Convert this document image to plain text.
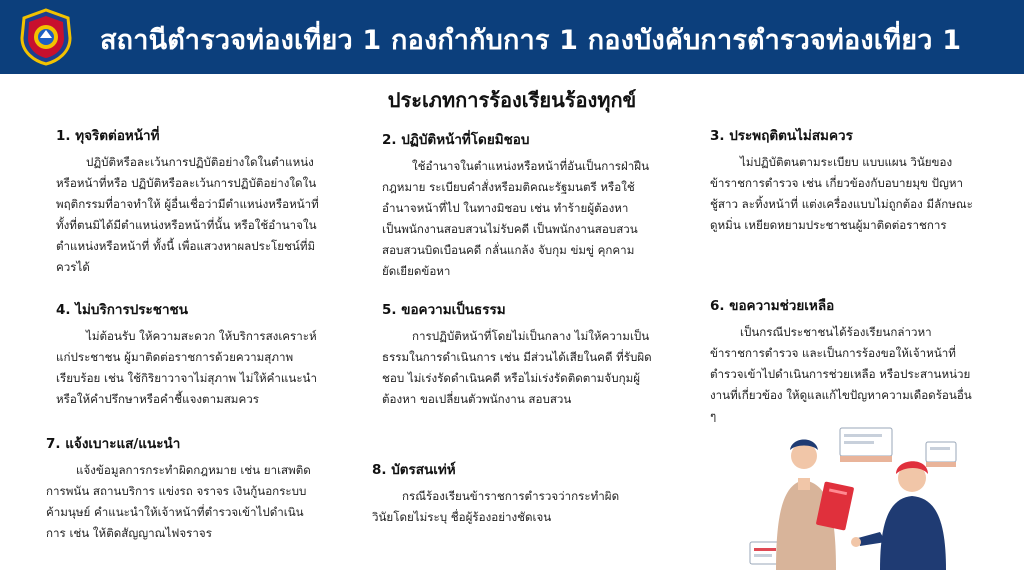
สถานีตำรวจท่องเที่ยว 1 กองกำกับการ 1 กองบังคับการตำรวจท่องเที่ยว 1
ประเภทการร้องเรียนร้องทุกข์
1. ทุจริตต่อหน้าที่

ปฏิบัติหรือละเว้นการปฏิบัติอย่างใดในตำแหน่งหรือหน้าที่หรือ ปฏิบัติหรือละเว้นการปฏิบัติอย่างใดในพฤติกรรมที่อาจทำให้ ผู้อื่นเชื่อว่ามีตำแหน่งหรือหน้าที่ทั้งที่ตนมิได้มีตำแหน่งหรือหน้าที่นั้น หรือใช้อำนาจในตำแหน่งหรือหน้าที่ ทั้งนี้ เพื่อแสวงหาผลประโยชน์ที่มิควรได้

2. ปฏิบัติหน้าที่โดยมิชอบ

ใช้อำนาจในตำแหน่งหรือหน้าที่อันเป็นการฝ่าฝืนกฎหมาย ระเบียบคำสั่งหรือมติคณะรัฐมนตรี หรือใช้อำนาจหน้าที่ไป ในทางมิชอบ เช่น ทำร้ายผู้ต้องหา เป็นพนักงานสอบสวนไม่รับคดี เป็นพนักงานสอบสวน สอบสวนบิดเบือนคดี กลั่นแกล้ง จับกุม ข่มขู่ คุกคาม ยัดเยียดข้อหา

3. ประพฤติตนไม่สมควร

ไม่ปฏิบัติตนตามระเบียบ แบบแผน วินัยของข้าราชการตำรวจ เช่น เกี่ยวข้องกับอบายมุข ปัญหาชู้สาว ละทิ้งหน้าที่ แต่งเครื่องแบบไม่ถูกต้อง มีลักษณะดูหมิ่น เหยียดหยามประชาชนผู้มาติดต่อราชการ

4. ไม่บริการประชาชน

ไม่ต้อนรับ ให้ความสะดวก ให้บริการสงเคราะห์แก่ประชาชน ผู้มาติดต่อราชการด้วยความสุภาพเรียบร้อย เช่น ใช้กิริยาวาจาไม่สุภาพ ไม่ให้คำแนะนำหรือให้คำปรึกษาหรือคำชี้แจงตามสมควร

5. ขอความเป็นธรรม

การปฏิบัติหน้าที่โดยไม่เป็นกลาง ไม่ให้ความเป็นธรรมในการดำเนินการ เช่น มีส่วนได้เสียในคดี ที่รับผิดชอบ ไม่เร่งรัดดำเนินคดี หรือไม่เร่งรัดติดตามจับกุมผู้ต้องหา ขอเปลี่ยนตัวพนักงาน สอบสวน

6. ขอความช่วยเหลือ

เป็นกรณีประชาชนได้ร้องเรียนกล่าวหาข้าราชการตำรวจ และเป็นการร้องขอให้เจ้าหน้าที่ตำรวจเข้าไปดำเนินการช่วยเหลือ หรือประสานหน่วยงานที่เกี่ยวข้อง ให้ดูแลแก้ไขปัญหาความเดือดร้อนอื่น ๆ

7. แจ้งเบาะแส/แนะนำ

แจ้งข้อมูลการกระทำผิดกฎหมาย เช่น ยาเสพติด การพนัน สถานบริการ แข่งรถ จราจร เงินกู้นอกระบบ ค้ามนุษย์ คำแนะนำให้เจ้าหน้าที่ตำรวจเข้าไปดำเนินการ เช่น ให้ติดสัญญาณไฟจราจร

8. บัตรสนเท่ห์

กรณีร้องเรียนข้าราชการตำรวจว่ากระทำผิดวินัยโดยไม่ระบุ ชื่อผู้ร้องอย่างชัดเจน
